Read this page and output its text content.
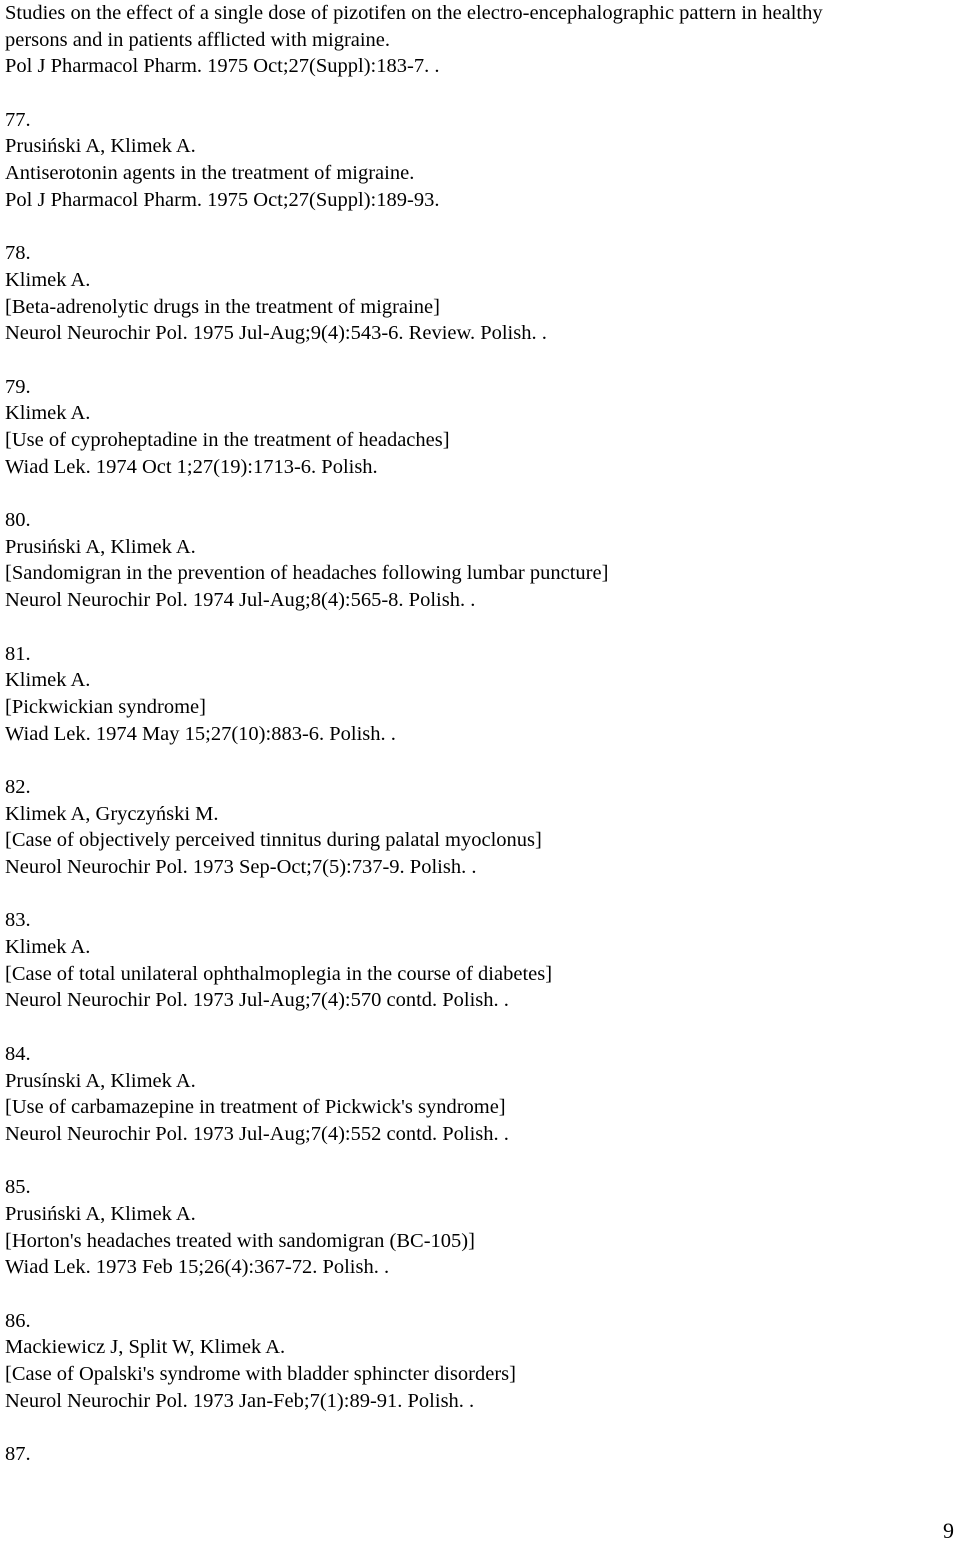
Studies on the effect of a single dose of pizotifen on the electro-encephalographic pattern in healthy
persons and in patients afflicted with migraine.
Pol J Pharmacol Pharm. 1975 Oct;27(Suppl):183-7. .
77.
Prusiński A, Klimek A.
Antiserotonin agents in the treatment of migraine.
Pol J Pharmacol Pharm. 1975 Oct;27(Suppl):189-93.
78.
Klimek A.
[Beta-adrenolytic drugs in the treatment of migraine]
Neurol Neurochir Pol. 1975 Jul-Aug;9(4):543-6. Review. Polish. .
79.
Klimek A.
[Use of cyproheptadine in the treatment of headaches]
Wiad Lek. 1974 Oct 1;27(19):1713-6. Polish.
80.
Prusiński A, Klimek A.
[Sandomigran in the prevention of headaches following lumbar puncture]
Neurol Neurochir Pol. 1974 Jul-Aug;8(4):565-8. Polish. .
81.
Klimek A.
[Pickwickian syndrome]
Wiad Lek. 1974 May 15;27(10):883-6. Polish. .
82.
Klimek A, Gryczyński M.
[Case of objectively perceived tinnitus during palatal myoclonus]
Neurol Neurochir Pol. 1973 Sep-Oct;7(5):737-9. Polish. .
83.
Klimek A.
[Case of total unilateral ophthalmoplegia in the course of diabetes]
Neurol Neurochir Pol. 1973 Jul-Aug;7(4):570 contd. Polish. .
84.
Prusínski A, Klimek A.
[Use of carbamazepine in treatment of Pickwick's syndrome]
Neurol Neurochir Pol. 1973 Jul-Aug;7(4):552 contd. Polish. .
85.
Prusiński A, Klimek A.
[Horton's headaches treated with sandomigran (BC-105)]
Wiad Lek. 1973 Feb 15;26(4):367-72. Polish. .
86.
Mackiewicz J, Split W, Klimek A.
[Case of Opalski's syndrome with bladder sphincter disorders]
Neurol Neurochir Pol. 1973 Jan-Feb;7(1):89-91. Polish. .
87.
9
